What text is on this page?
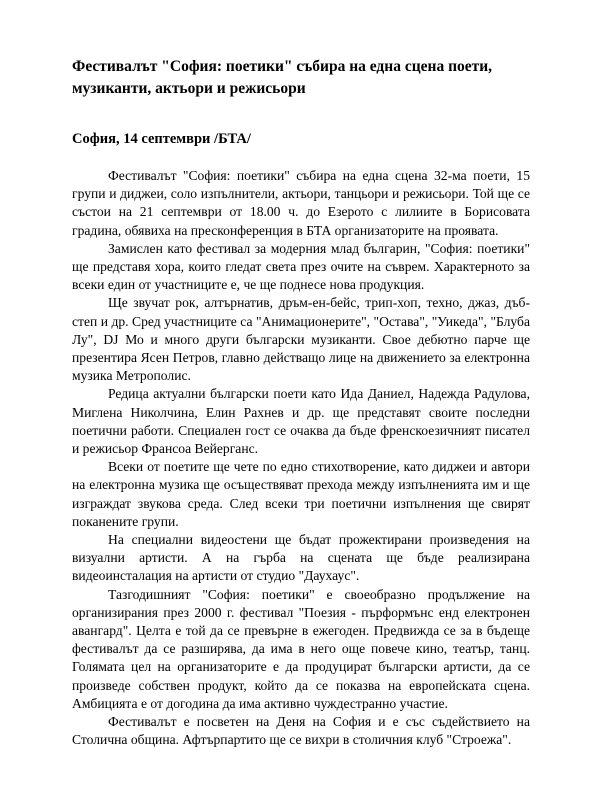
Фестивалът "София: поетики" събира на една сцена поети, музиканти, актьори и режисьори
София, 14 септември /БТА/

Фестивалът "София: поетики" събира на една сцена 32-ма поети, 15 групи и диджеи, соло изпълнители, актьори, танцьори и режисьори. Той ще се състои на 21 септември от 18.00 ч. до Езерото с лилиите в Борисовата градина, обявиха на пресконференция в БТА организаторите на проявата.

Замислен като фестивал за модерния млад българин, "София: поетики" ще представя хора, които гледат света през очите на съврем. Характерното за всеки един от участниците е, че ще поднесе нова продукция.

Ще звучат рок, алтърнатив, дръм-ен-бейс, трип-хоп, техно, джаз, дъб-степ и др. Сред участниците са "Анимационерите", "Остава", "Уикеда", "Блуба Лу", DJ Мо и много други български музиканти. Свое дебютно парче ще презентира Ясен Петров, главно действащо лице на движението за електронна музика Метрополис.

Редица актуални български поети като Ида Даниел, Надежда Радулова, Миглена Николчина, Елин Рахнев и др. ще представят своите последни поетични работи. Специален гост се очаква да бъде френскоезичният писател и режисьор Франсоа Вейерганс.

Всеки от поетите ще чете по едно стихотворение, като диджеи и автори на електронна музика ще осъществяват прехода между изпълненията им и ще изграждат звукова среда. След всеки три поетични изпълнения ще свирят поканените групи.

На специални видеостени ще бъдат прожектирани произведения на визуални артисти. А на гърба на сцената ще бъде реализирана видеоинсталация на артисти от студио "Даухаус".

Тазгодишният "София: поетики" е своеобразно продължение на организирания през 2000 г. фестивал "Поезия - пърформънс енд електронен авангард". Целта е той да се превърне в ежегоден. Предвижда се за в бъдеще фестивалът да се разширява, да има в него още повече кино, театър, танц. Голямата цел на организаторите е да продуцират български артисти, да се произведе собствен продукт, който да се показва на европейската сцена. Амбицията е от догодина да има активно чуждестранно участие.

Фестивалът е посветен на Деня на София и е със съдействието на Столична община. Афтърпартито ще се вихри в столичния клуб "Строежа".
